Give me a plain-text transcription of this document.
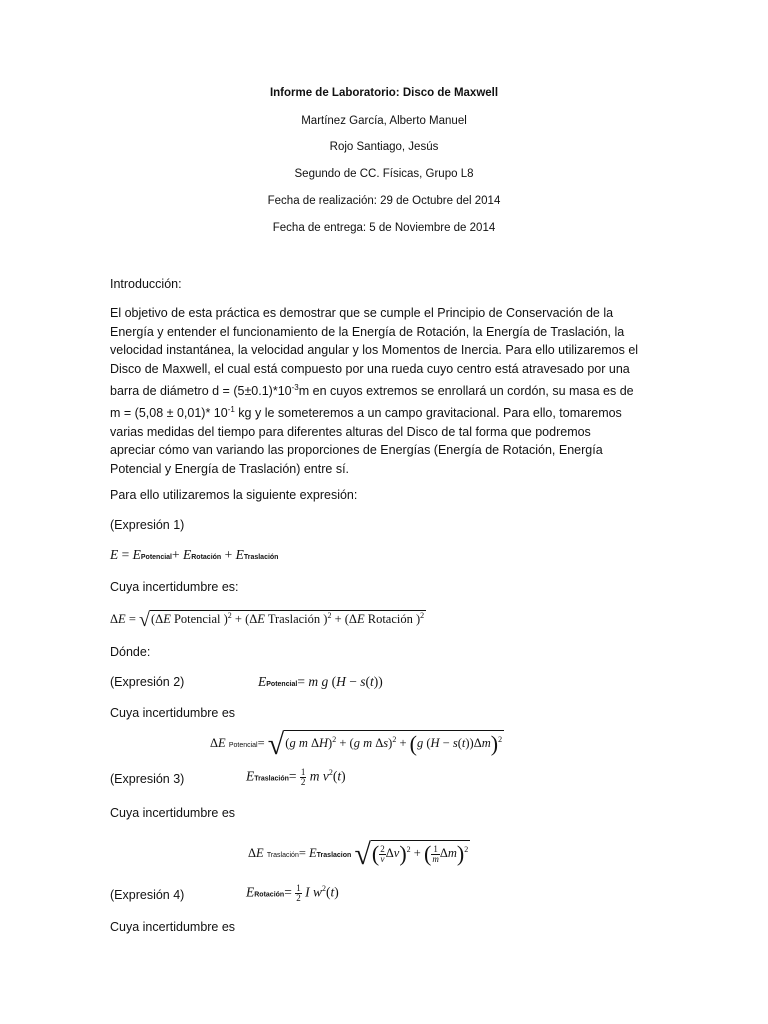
Informe de Laboratorio: Disco de Maxwell
Martínez García, Alberto Manuel
Rojo Santiago, Jesús
Segundo de CC. Físicas, Grupo L8
Fecha de realización: 29 de Octubre del 2014
Fecha de entrega: 5 de Noviembre de 2014
Introducción:
El objetivo de esta práctica es demostrar que se cumple el Principio de Conservación de la
Energía y entender el funcionamiento de la Energía de Rotación, la Energía de Traslación, la
velocidad instantánea, la velocidad angular y los Momentos de Inercia. Para ello utilizaremos el
Disco de Maxwell, el cual está compuesto por una rueda cuyo centro está atravesado por una
barra de diámetro $d = (5\pm 0.1)*10^{-3}m$ en cuyos extremos se enrollará un cordón, su masa es de
m = (5,08 ± 0,01)* $10^{-1}$ kg y le someteremos a un campo gravitacional. Para ello, tomaremos
varias medidas del tiempo para diferentes alturas del Disco de tal forma que podremos
apreciar cómo van variando las proporciones de Energías (Energía de Rotación, Energía
Potencial y Energía de Traslación) entre sí.
Para ello utilizaremos la siguiente expresión:
(Expresión 1)
E = EPotencial+ ERotación + ETraslación
Cuya incertidumbre es:
ΔE = √(ΔE Potencial )$^2$ + (ΔE Traslación )$^2$ + (ΔE Rotación )$^2$
Dónde:
(Expresión 2)	EPotencial= m g (H − s(t))
Cuya incertidumbre es
ΔE Potencial= √(g m ΔH)$^2$ + (g m Δs)$^2$ + (g (H − s(t))Δm)$^2$
(Expresión 3)	ETraslación= $\frac{1}{2}$ m $v^2(t)$
Cuya incertidumbre es
ΔE Traslación= ETraslacion √( $\frac{2}{v} \Delta v)^2$ + ( $\frac{1}{m} \Delta m)^2$
(Expresión 4)	ERotación= $\frac{1}{2}$ I $w^2(t)$
Cuya incertidumbre es
